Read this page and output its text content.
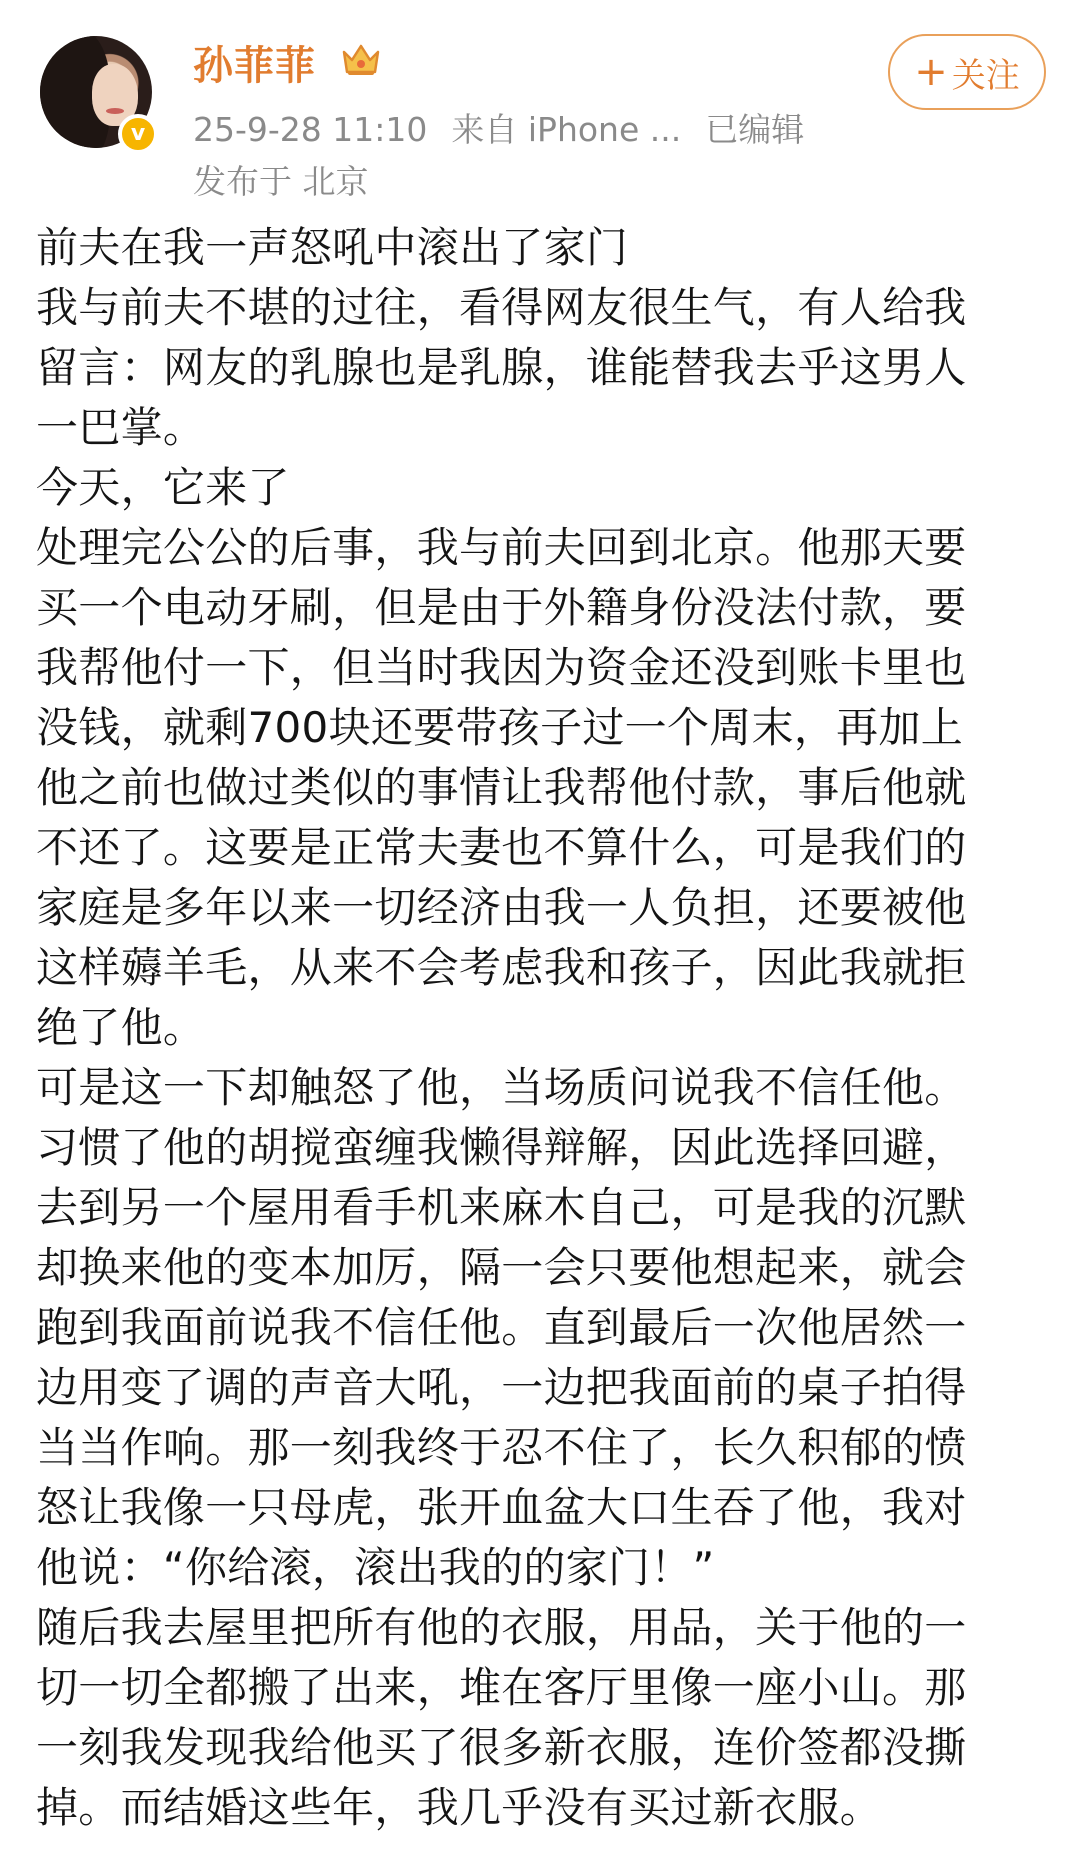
v
孙菲菲
25-9-28 11:10 来自 iPhone ... 已编辑
发布于 北京
+ 关注
前夫在我一声怒吼中滚出了家门
我与前夫不堪的过往，看得网友很生气，有人给我
留言：网友的乳腺也是乳腺，谁能替我去乎这男人
一巴掌。
今天，它来了
处理完公公的后事，我与前夫回到北京。他那天要
买一个电动牙刷，但是由于外籍身份没法付款，要
我帮他付一下，但当时我因为资金还没到账卡里也
没钱，就剩700块还要带孩子过一个周末，再加上
他之前也做过类似的事情让我帮他付款，事后他就
不还了。这要是正常夫妻也不算什么，可是我们的
家庭是多年以来一切经济由我一人负担，还要被他
这样薅羊毛，从来不会考虑我和孩子，因此我就拒
绝了他。
可是这一下却触怒了他，当场质问说我不信任他。
习惯了他的胡搅蛮缠我懒得辩解，因此选择回避，
去到另一个屋用看手机来麻木自己，可是我的沉默
却换来他的变本加厉，隔一会只要他想起来，就会
跑到我面前说我不信任他。直到最后一次他居然一
边用变了调的声音大吼，一边把我面前的桌子拍得
当当作响。那一刻我终于忍不住了，长久积郁的愤
怒让我像一只母虎，张开血盆大口生吞了他，我对
他说：“你给滚，滚出我的的家门！”
随后我去屋里把所有他的衣服，用品，关于他的一
切一切全都搬了出来，堆在客厅里像一座小山。那
一刻我发现我给他买了很多新衣服，连价签都没撕
掉。而结婚这些年，我几乎没有买过新衣服。
